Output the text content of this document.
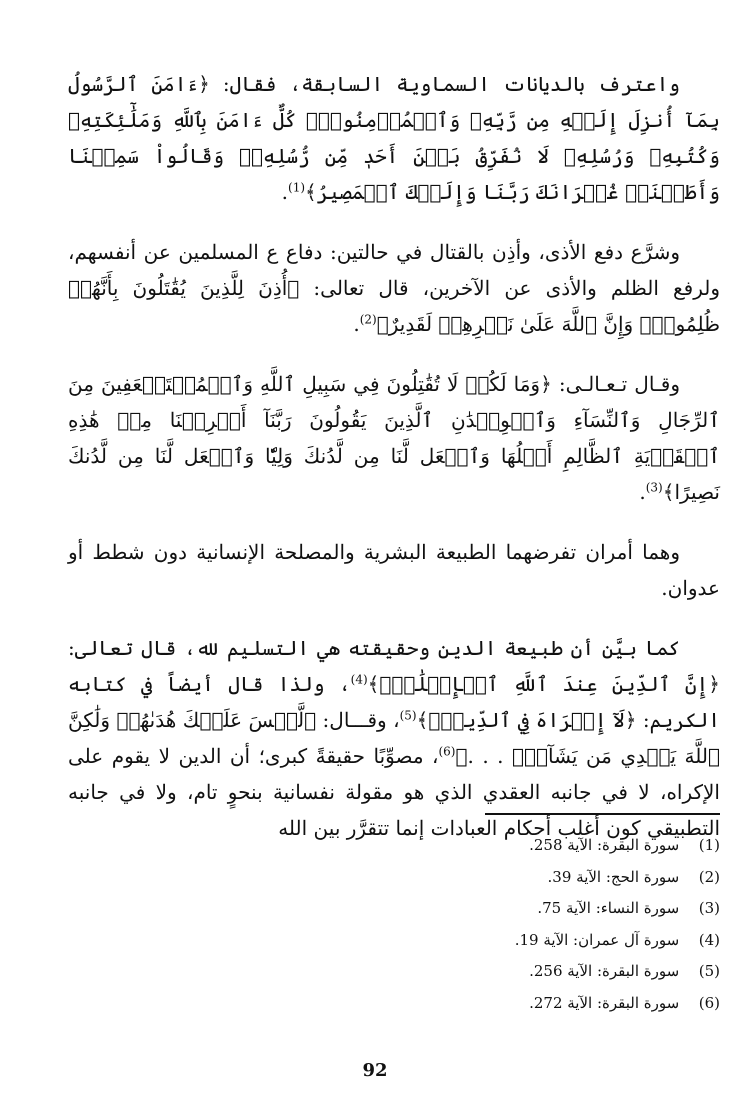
واعترف بالديانات السماوية السابقة، فقال: ﴿ءَامَنَ ٱلرَّسُولُ بِمَآ أُنزِلَ إِلَيۡهِ مِن رَّبِّهِۦ وَٱلۡمُؤۡمِنُونَۚ كُلٌّ ءَامَنَ بِٱللَّهِ وَمَلَٰٓئِكَتِهِۦ وَكُتُبِهِۦ وَرُسُلِهِۦ لَا نُفَرِّقُ بَيۡنَ أَحَدٖ مِّن رُّسُلِهِۦۚ وَقَالُواْ سَمِعۡنَا وَأَطَعۡنَاۖ غُفۡرَانَكَ رَبَّنَا وَإِلَيۡكَ ٱلۡمَصِيرُ﴾$^{(1)}$.

وشرَّع دفع الأذى، وأذِن بالقتال في حالتين: دفاع ع المسلمين عن أنفسهم، ولرفع الظلم والأذى عن الآخرين، قال تعالى: ﴿أُذِنَ لِلَّذِينَ يُقَٰتَلُونَ بِأَنَّهُمۡ ظُلِمُواْۚ وَإِنَّ ٱللَّهَ عَلَىٰ نَصۡرِهِمۡ لَقَدِيرٌ﴾$^{(2)}$.

وقـال تـعـالـى: ﴿وَمَا لَكُمۡ لَا تُقَٰتِلُونَ فِي سَبِيلِ ٱللَّهِ وَٱلۡمُسۡتَضۡعَفِينَ مِنَ ٱلرِّجَالِ وَٱلنِّسَآءِ وَٱلۡوِلۡدَٰنِ ٱلَّذِينَ يَقُولُونَ رَبَّنَآ أَخۡرِجۡنَا مِنۡ هَٰذِهِ ٱلۡقَرۡيَةِ ٱلظَّالِمِ أَهۡلُهَا وَٱجۡعَل لَّنَا مِن لَّدُنكَ وَلِيّٗا وَٱجۡعَل لَّنَا مِن لَّدُنكَ نَصِيرًا﴾$^{(3)}$.

وهما أمران تفرضهما الطبيعة البشرية والمصلحة الإنسانية دون شطط أو عدوان.

كما بيَّن أن طبيعة الدين وحقيقته هي التسليم لله، قال تعالى: ﴿إِنَّ ٱلدِّينَ عِندَ ٱللَّهِ ٱلۡإِسۡلَٰمُۗ﴾$^{(4)}$، ولذا قال أيضاً في كتابه الكريم: ﴿لَآ إِكۡرَاهَ فِي ٱلدِّينِۖ﴾$^{(5)}$، وقـــال: ﴿لَّيۡسَ عَلَيۡكَ هُدَىٰهُمۡ وَلَٰكِنَّ ٱللَّهَ يَهۡدِي مَن يَشَآءُۗ . . .﴾$^{(6)}$، مصوِّبًا حقيقةً كبرى؛ أن الدين لا يقوم على الإكراه، لا في جانبه العقدي الذي هو مقولة نفسانية بنحوٍ تام، ولا في جانبه التطبيقي كون أغلب أحكام العبادات إنما تتقرَّر بين الله

(1) سورة البقرة: الآية 258.
(2) سورة الحج: الآية 39.
(3) سورة النساء: الآية 75.
(4) سورة آل عمران: الآية 19.
(5) سورة البقرة: الآية 256.
(6) سورة البقرة: الآية 272.
92
